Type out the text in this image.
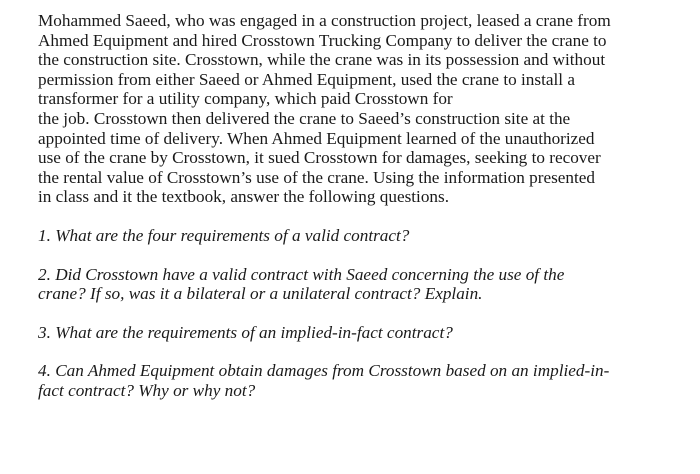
Mohammed Saeed, who was engaged in a construction project, leased a crane from
Ahmed Equipment and hired Crosstown Trucking Company to deliver the crane to
the construction site. Crosstown, while the crane was in its possession and without
permission from either Saeed or Ahmed Equipment, used the crane to install a
transformer for a utility company, which paid Crosstown for
the job. Crosstown then delivered the crane to Saeed’s construction site at the
appointed time of delivery. When Ahmed Equipment learned of the unauthorized
use of the crane by Crosstown, it sued Crosstown for damages, seeking to recover
the rental value of Crosstown’s use of the crane. Using the information presented
in class and it the textbook, answer the following questions.
1. What are the four requirements of a valid contract?
2. Did Crosstown have a valid contract with Saeed concerning the use of the
crane? If so, was it a bilateral or a unilateral contract? Explain.
3. What are the requirements of an implied-in-fact contract?
4. Can Ahmed Equipment obtain damages from Crosstown based on an implied-in-
fact contract? Why or why not?
